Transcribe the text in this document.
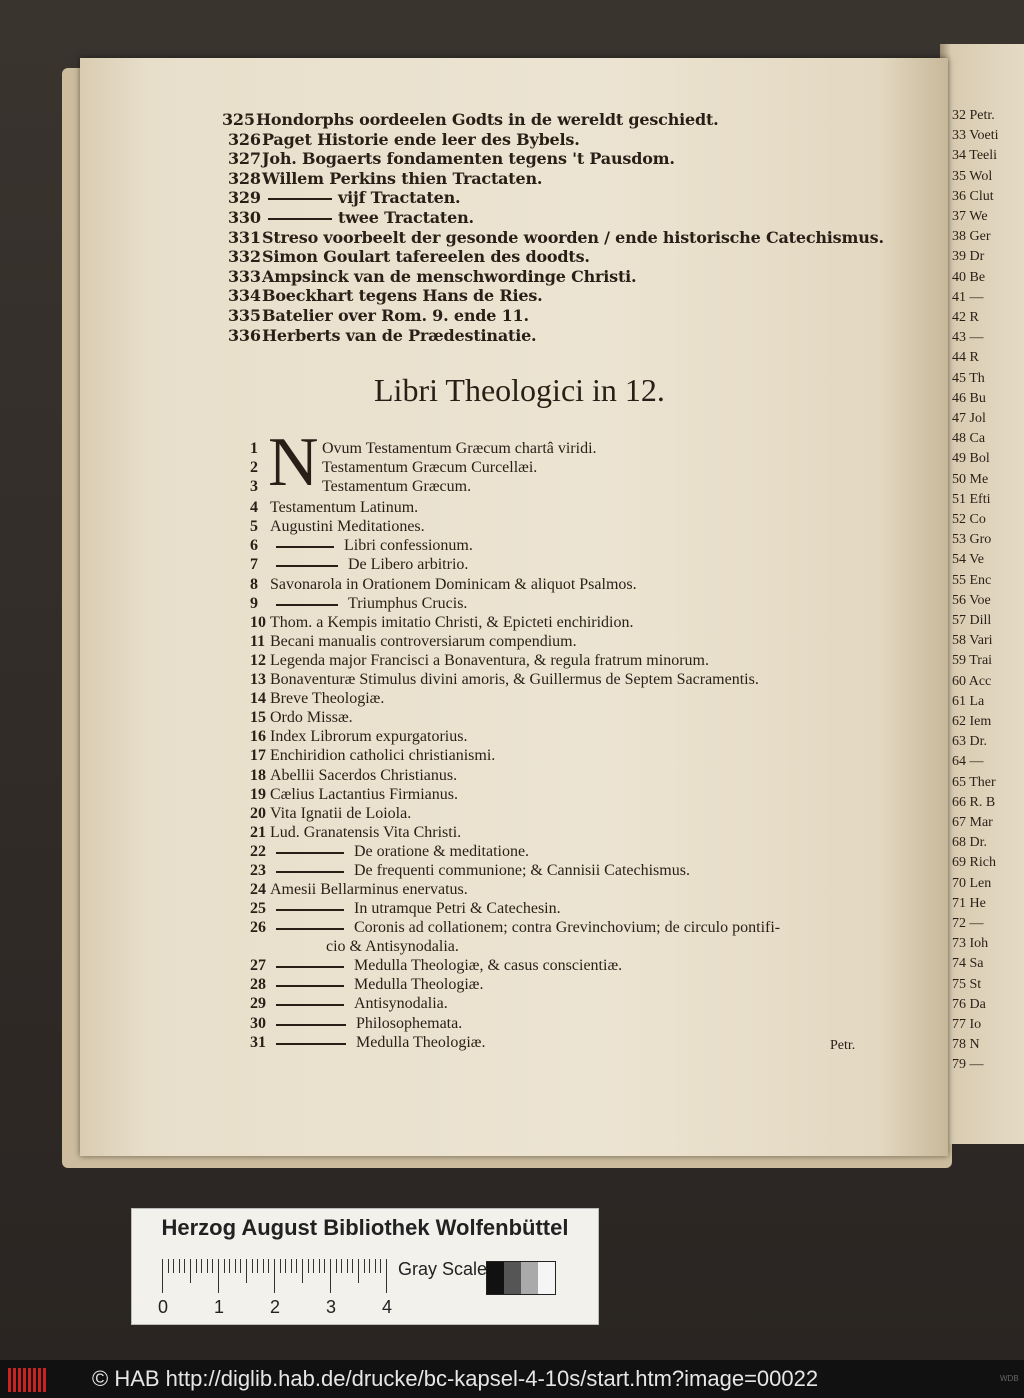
32 Petr.
33 Voeti
34 Teeli
35 Wol
36 Clut
37 We
38 Ger
39 Dr
40 Be
41 —
42 R
43 —
44 R
45 Th
46 Bu
47 Jol
48 Ca
49 Bol
50 Me
51 Efti
52 Co
53 Gro
54 Ve
55 Enc
56 Voe
57 Dill
58 Vari
59 Trai
60 Acc
61 La
62 Iem
63 Dr.
64 —
65 Ther
66 R. B
67 Mar
68 Dr.
69 Rich
70 Len
71 He
72 —
73 Ioh
74 Sa
75 St
76 Da
77 Io
78 N
79 —
325Hondorphs oordeelen Godts in de wereldt geschiedt.
326Paget Historie ende leer des Bybels.
327Joh. Bogaerts fondamenten tegens 't Pausdom.
328Willem Perkins thien Tractaten.
329	vijf Tractaten.
330	twee Tractaten.
331Streso voorbeelt der gesonde woorden / ende historische Catechismus.
332Simon Goulart tafereelen des doodts.
333Ampsinck van de menschwordinge Christi.
334Boeckhart tegens Hans de Ries.
335Batelier over Rom. 9. ende 11.
336Herberts van de Prædestinatie.
Libri Theologici in 12.
N
1	Ovum Testamentum Græcum chartâ viridi.
2	Testamentum Græcum Curcellæi.
3	Testamentum Græcum.
4 Testamentum Latinum.
5 Augustini Meditationes.
6	Libri confessionum.
7	De Libero arbitrio.
8 Savonarola in Orationem Dominicam & aliquot Psalmos.
9	Triumphus Crucis.
10 Thom. a Kempis imitatio Christi, & Epicteti enchiridion.
11 Becani manualis controversiarum compendium.
12 Legenda major Francisci a Bonaventura, & regula fratrum minorum.
13 Bonaventuræ Stimulus divini amoris, & Guillermus de Septem Sacramentis.
14 Breve Theologiæ.
15 Ordo Missæ.
16 Index Librorum expurgatorius.
17 Enchiridion catholici christianismi.
18 Abellii Sacerdos Christianus.
19 Cælius Lactantius Firmianus.
20 Vita Ignatii de Loiola.
21 Lud. Granatensis Vita Christi.
22	De oratione & meditatione.
23	De frequenti communione; & Cannisii Catechismus.
24 Amesii Bellarminus enervatus.
25	In utramque Petri & Catechesin.
26	Coronis ad collationem; contra Grevinchovium; de circulo pontifi-
cio & Antisynodalia.
27	Medulla Theologiæ, & casus conscientiæ.
28	Medulla Theologiæ.
29	Antisynodalia.
30	Philosophemata.
31	Medulla Theologiæ.	Petr.
Herzog August Bibliothek Wolfenbüttel
Gray Scale
0	1	2	3	4
© HAB http://diglib.hab.de/drucke/bc-kapsel-4-10s/start.htm?image=00022	WDB
